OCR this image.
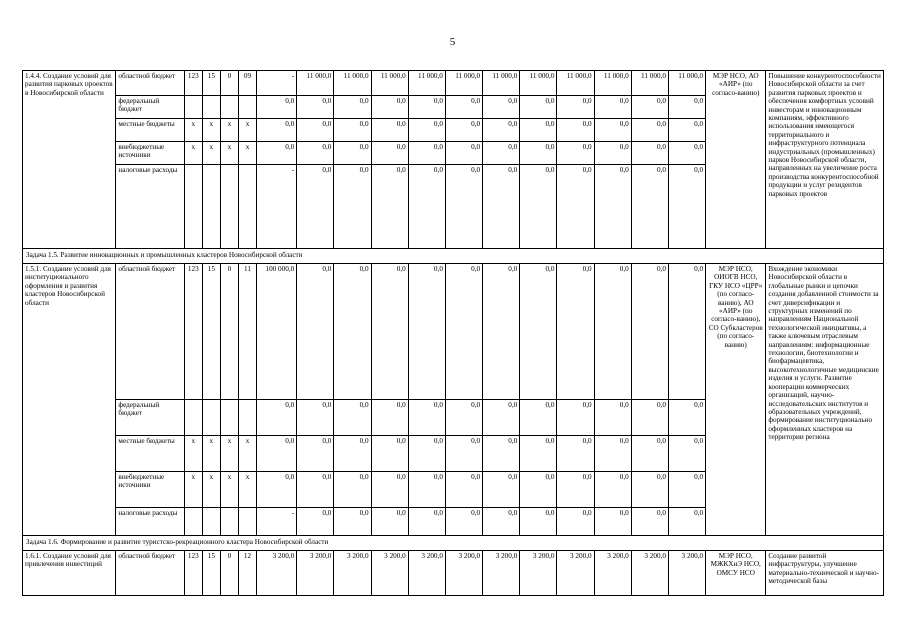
5
1.4.4. Создание условий для развития парковых проектов в Новосибирской области	областной бюджет	123	15	0	09	-	11 000,0	11 000,0	11 000,0	11 000,0	11 000,0	11 000,0	11 000,0	11 000,0	11 000,0	11 000,0	11 000,0	МЭР НСО, АО «АИР» (по согласо-ванию)	Повышение конкурентоспособности Новосибирской области за счет развития парковых проектов и обеспечения комфортных условий инвесторам и инновационным компаниям, эффективного использования имеющегося территориального и инфраструктурного потенциала индустриальных (промышленных) парков Новосибирской области, направленных на увеличение роста производства конкурентоспособной продукции и услуг резидентов парковых проектов
	федеральный бюджет					0,0	0,0	0,0	0,0	0,0	0,0	0,0	0,0	0,0	0,0	0,0	0,0		
	местные бюджеты	х	х	х	х	0,0	0,0	0,0	0,0	0,0	0,0	0,0	0,0	0,0	0,0	0,0	0,0		
	внебюджетные источники	х	х	х	х	0,0	0,0	0,0	0,0	0,0	0,0	0,0	0,0	0,0	0,0	0,0	0,0		
	налоговые расходы					-	0,0	0,0	0,0	0,0	0,0	0,0	0,0	0,0	0,0	0,0	0,0		
Задача 1.5. Развитие инновационных и промышленных кластеров Новосибирской области																			
1.5.1. Создание условий для институционального оформления и развития кластеров Новосибирской области	областной бюджет	123	15	0	11	100 000,0	0,0	0,0	0,0	0,0	0,0	0,0	0,0	0,0	0,0	0,0	0,0	МЭР НСО, ОИОГВ НСО, ГКУ НСО «ЦРР» (по согласо-ванию), АО «АИР» (по согласо-ванию), СО Субкластеров (по согласо-ванию)	Вхождение экономики Новосибирской области в глобальные рынки и цепочки создания добавленной стоимости за счет диверсификации и структурных изменений по направлениям Национальной технологической инициативы, а также ключевым отраслевым направлениям: информационные технологии, биотехнологии и биофармацевтика, высокотехнологичные медицинские изделия и услуги. Развитие кооперации коммерческих организаций, научно-исследовательских институтов и образовательных учреждений, формирование институционально оформленных кластеров на территории региона
	федеральный бюджет					0,0	0,0	0,0	0,0	0,0	0,0	0,0	0,0	0,0	0,0	0,0	0,0		
	местные бюджеты	х	х	х	х	0,0	0,0	0,0	0,0	0,0	0,0	0,0	0,0	0,0	0,0	0,0	0,0		
	внебюджетные источники	х	х	х	х	0,0	0,0	0,0	0,0	0,0	0,0	0,0	0,0	0,0	0,0	0,0	0,0		
	налоговые расходы					-	0,0	0,0	0,0	0,0	0,0	0,0	0,0	0,0	0,0	0,0	0,0		
Задача 1.6. Формирование и развитие туристско-рекреационного кластера Новосибирской области																			
1.6.1. Создание условий для привлечения инвестиций	областной бюджет	123	15	0	12	3 200,0	3 200,0	3 200,0	3 200,0	3 200,0	3 200,0	3 200,0	3 200,0	3 200,0	3 200,0	3 200,0	3 200,0	МЭР НСО, МЖКХиЭ НСО, ОМСУ НСО	Создание развитой инфраструктуры, улучшение материально-технической и научно-методической базы
